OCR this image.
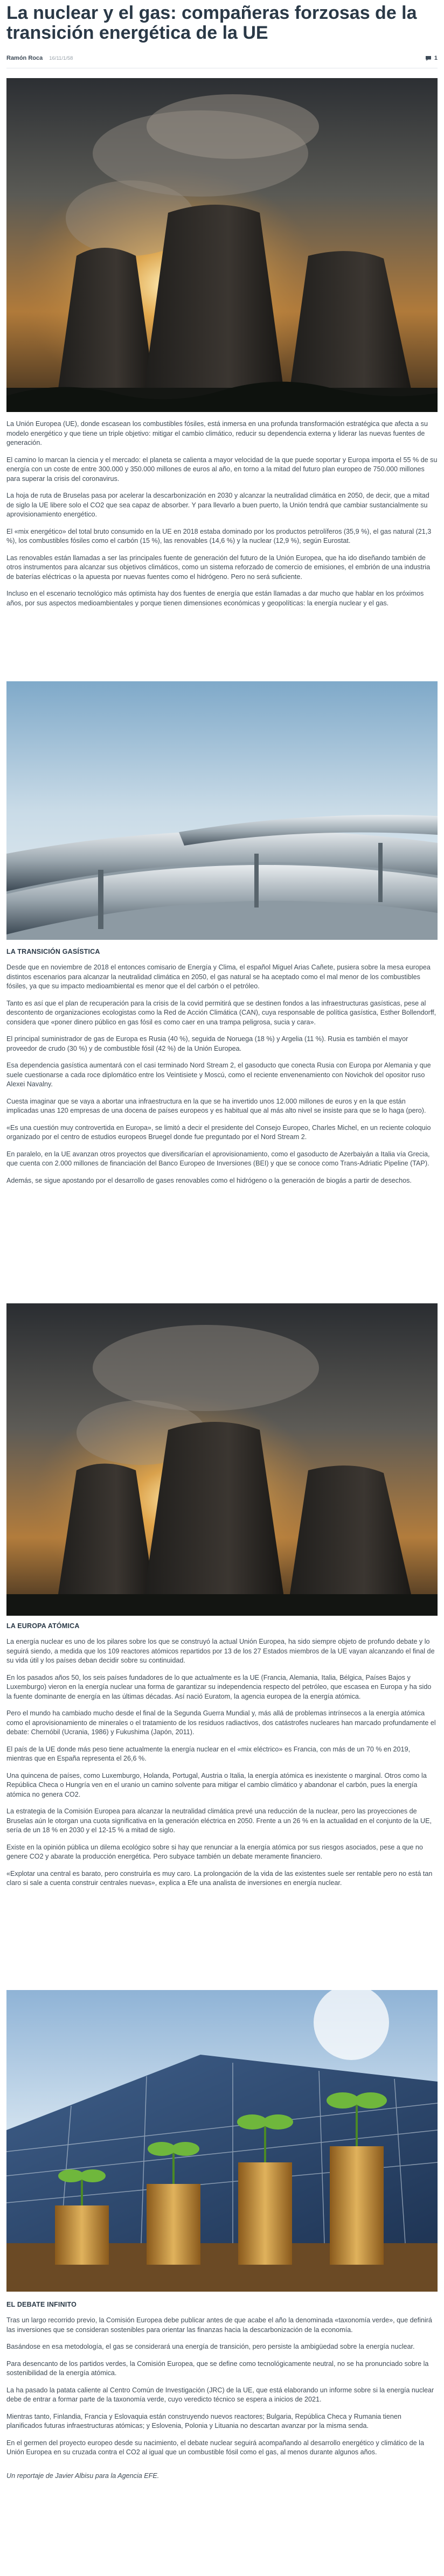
La nuclear y el gas: compañeras forzosas de la transición energética de la UE
Ramón Roca 16/11/1/58	1

La Unión Europea (UE), donde escasean los combustibles fósiles, está inmersa en una profunda transformación estratégica que afecta a su modelo energético y que tiene un triple objetivo: mitigar el cambio climático, reducir su dependencia externa y liderar las nuevas fuentes de generación.

El camino lo marcan la ciencia y el mercado: el planeta se calienta a mayor velocidad de la que puede soportar y Europa importa el 55 % de su energía con un coste de entre 300.000 y 350.000 millones de euros al año, en torno a la mitad del futuro plan europeo de 750.000 millones para superar la crisis del coronavirus.

La hoja de ruta de Bruselas pasa por acelerar la descarbonización en 2030 y alcanzar la neutralidad climática en 2050, de decir, que a mitad de siglo la UE libere solo el CO2 que sea capaz de absorber. Y para llevarlo a buen puerto, la Unión tendrá que cambiar sustancialmente su aprovisionamiento energético.

El «mix energético» del total bruto consumido en la UE en 2018 estaba dominado por los productos petrolíferos (35,9 %), el gas natural (21,3 %), los combustibles fósiles como el carbón (15 %), las renovables (14,6 %) y la nuclear (12,9 %), según Eurostat.

Las renovables están llamadas a ser las principales fuente de generación del futuro de la Unión Europea, que ha ido diseñando también de otros instrumentos para alcanzar sus objetivos climáticos, como un sistema reforzado de comercio de emisiones, el embrión de una industria de baterías eléctricas o la apuesta por nuevas fuentes como el hidrógeno. Pero no será suficiente.

Incluso en el escenario tecnológico más optimista hay dos fuentes de energía que están llamadas a dar mucho que hablar en los próximos años, por sus aspectos medioambientales y porque tienen dimensiones económicas y geopolíticas: la energía nuclear y el gas.

LA TRANSICIÓN GASÍSTICA

Desde que en noviembre de 2018 el entonces comisario de Energía y Clima, el español Miguel Arias Cañete, pusiera sobre la mesa europea distintos escenarios para alcanzar la neutralidad climática en 2050, el gas natural se ha aceptado como el mal menor de los combustibles fósiles, ya que su impacto medioambiental es menor que el del carbón o el petróleo.

Tanto es así que el plan de recuperación para la crisis de la covid permitirá que se destinen fondos a las infraestructuras gasísticas, pese al descontento de organizaciones ecologistas como la Red de Acción Climática (CAN), cuya responsable de política gasística, Esther Bollendorff, considera que «poner dinero público en gas fósil es como caer en una trampa peligrosa, sucia y cara».

El principal suministrador de gas de Europa es Rusia (40 %), seguida de Noruega (18 %) y Argelia (11 %). Rusia es también el mayor proveedor de crudo (30 %) y de combustible fósil (42 %) de la Unión Europea.

Esa dependencia gasística aumentará con el casi terminado Nord Stream 2, el gasoducto que conecta Rusia con Europa por Alemania y que suele cuestionarse a cada roce diplomático entre los Veintisiete y Moscú, como el reciente envenenamiento con Novichok del opositor ruso Alexei Navalny.

Cuesta imaginar que se vaya a abortar una infraestructura en la que se ha invertido unos 12.000 millones de euros y en la que están implicadas unas 120 empresas de una docena de países europeos y es habitual que al más alto nivel se insiste para que se lo haga (pero).

«Es una cuestión muy controvertida en Europa», se limitó a decir el presidente del Consejo Europeo, Charles Michel, en un reciente coloquio organizado por el centro de estudios europeos Bruegel donde fue preguntado por el Nord Stream 2.

En paralelo, en la UE avanzan otros proyectos que diversificarían el aprovisionamiento, como el gasoducto de Azerbaiyán a Italia vía Grecia, que cuenta con 2.000 millones de financiación del Banco Europeo de Inversiones (BEI) y que se conoce como Trans-Adriatic Pipeline (TAP).

Además, se sigue apostando por el desarrollo de gases renovables como el hidrógeno o la generación de biogás a partir de desechos.

LA EUROPA ATÓMICA

La energía nuclear es uno de los pilares sobre los que se construyó la actual Unión Europea, ha sido siempre objeto de profundo debate y lo seguirá siendo, a medida que los 109 reactores atómicos repartidos por 13 de los 27 Estados miembros de la UE vayan alcanzando el final de su vida útil y los países deban decidir sobre su continuidad.

En los pasados años 50, los seis países fundadores de lo que actualmente es la UE (Francia, Alemania, Italia, Bélgica, Países Bajos y Luxemburgo) vieron en la energía nuclear una forma de garantizar su independencia respecto del petróleo, que escasea en Europa y ha sido la fuente dominante de energía en las últimas décadas. Así nació Euratom, la agencia europea de la energía atómica.

Pero el mundo ha cambiado mucho desde el final de la Segunda Guerra Mundial y, más allá de problemas intrínsecos a la energía atómica como el aprovisionamiento de minerales o el tratamiento de los residuos radiactivos, dos catástrofes nucleares han marcado profundamente el debate: Chernóbil (Ucrania, 1986) y Fukushima (Japón, 2011).

El país de la UE donde más peso tiene actualmente la energía nuclear en el «mix eléctrico» es Francia, con más de un 70 % en 2019, mientras que en España representa el 26,6 %.

Una quincena de países, como Luxemburgo, Holanda, Portugal, Austria o Italia, la energía atómica es inexistente o marginal. Otros como la República Checa o Hungría ven en el uranio un camino solvente para mitigar el cambio climático y abandonar el carbón, pues la energía atómica no genera CO2.

La estrategia de la Comisión Europea para alcanzar la neutralidad climática prevé una reducción de la nuclear, pero las proyecciones de Bruselas aún le otorgan una cuota significativa en la generación eléctrica en 2050. Frente a un 26 % en la actualidad en el conjunto de la UE, sería de un 18 % en 2030 y el 12-15 % a mitad de siglo.

Existe en la opinión pública un dilema ecológico sobre si hay que renunciar a la energía atómica por sus riesgos asociados, pese a que no genere CO2 y abarate la producción energética. Pero subyace también un debate meramente financiero.

«Explotar una central es barato, pero construirla es muy caro. La prolongación de la vida de las existentes suele ser rentable pero no está tan claro si sale a cuenta construir centrales nuevas», explica a Efe una analista de inversiones en energía nuclear.

EL DEBATE INFINITO

Tras un largo recorrido previo, la Comisión Europea debe publicar antes de que acabe el año la denominada «taxonomía verde», que definirá las inversiones que se consideran sostenibles para orientar las finanzas hacia la descarbonización de la economía.

Basándose en esa metodología, el gas se considerará una energía de transición, pero persiste la ambigüedad sobre la energía nuclear.

Para desencanto de los partidos verdes, la Comisión Europea, que se define como tecnológicamente neutral, no se ha pronunciado sobre la sostenibilidad de la energía atómica.

La ha pasado la patata caliente al Centro Común de Investigación (JRC) de la UE, que está elaborando un informe sobre si la energía nuclear debe de entrar a formar parte de la taxonomía verde, cuyo veredicto técnico se espera a inicios de 2021.

Mientras tanto, Finlandia, Francia y Eslovaquia están construyendo nuevos reactores; Bulgaria, República Checa y Rumania tienen planificados futuras infraestructuras atómicas; y Eslovenia, Polonia y Lituania no descartan avanzar por la misma senda.

En el germen del proyecto europeo desde su nacimiento, el debate nuclear seguirá acompañando al desarrollo energético y climático de la Unión Europea en su cruzada contra el CO2 al igual que un combustible fósil como el gas, al menos durante algunos años.

Un reportaje de Javier Albisu para la Agencia EFE.
